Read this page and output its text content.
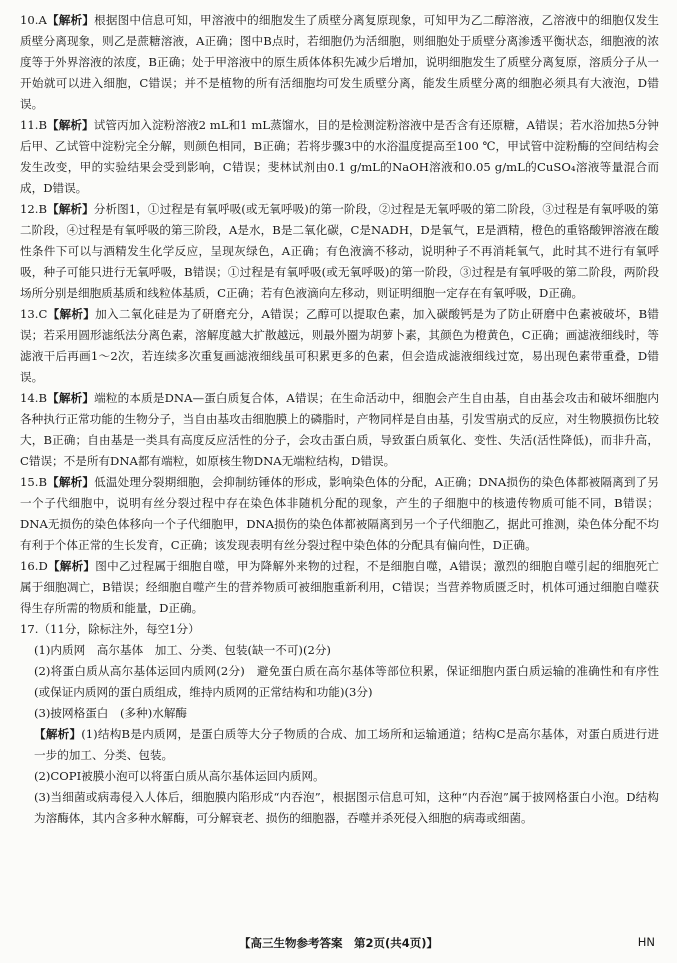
10.A【解析】根据图中信息可知，甲溶液中的细胞发生了质壁分离复原现象，可知甲为乙二醇溶液，乙溶液中的细胞仅发生质壁分离现象，则乙是蔗糖溶液，A正确；图中B点时，若细胞仍为活细胞，则细胞处于质壁分离渗透平衡状态，细胞液的浓度等于外界溶液的浓度，B正确；处于甲溶液中的原生质体体积先减少后增加，说明细胞发生了质壁分离复原，溶质分子从一开始就可以进入细胞，C错误；并不是植物的所有活细胞均可发生质壁分离，能发生质壁分离的细胞必须具有大液泡，D错误。
11.B【解析】试管丙加入淀粉溶液2 mL和1 mL蒸馏水，目的是检测淀粉溶液中是否含有还原糖，A错误；若水浴加热5分钟后甲、乙试管中淀粉完全分解，则颜色相同，B正确；若将步骤3中的水浴温度提高至100 ℃，甲试管中淀粉酶的空间结构会发生改变，甲的实验结果会受到影响，C错误；斐林试剂由0.1 g/mL的NaOH溶液和0.05 g/mL的CuSO₄溶液等量混合而成，D错误。
12.B【解析】分析图1，①过程是有氧呼吸(或无氧呼吸)的第一阶段，②过程是无氧呼吸的第二阶段，③过程是有氧呼吸的第二阶段，④过程是有氧呼吸的第三阶段，A是水，B是二氧化碳，C是NADH，D是氧气，E是酒精，橙色的重铬酸钾溶液在酸性条件下可以与酒精发生化学反应，呈现灰绿色，A正确；有色液滴不移动，说明种子不再消耗氧气，此时其不进行有氧呼吸，种子可能只进行无氧呼吸，B错误；①过程是有氧呼吸(或无氧呼吸)的第一阶段，③过程是有氧呼吸的第二阶段，两阶段场所分别是细胞质基质和线粒体基质，C正确；若有色液滴向左移动，则证明细胞一定存在有氧呼吸，D正确。
13.C【解析】加入二氧化硅是为了研磨充分，A错误；乙醇可以提取色素，加入碳酸钙是为了防止研磨中色素被破坏，B错误；若采用圆形滤纸法分离色素，溶解度越大扩散越远，则最外圈为胡萝卜素，其颜色为橙黄色，C正确；画滤液细线时，等滤液干后再画1～2次，若连续多次重复画滤液细线虽可积累更多的色素，但会造成滤液细线过宽，易出现色素带重叠，D错误。
14.B【解析】端粒的本质是DNA—蛋白质复合体，A错误；在生命活动中，细胞会产生自由基，自由基会攻击和破坏细胞内各种执行正常功能的生物分子，当自由基攻击细胞膜上的磷脂时，产物同样是自由基，引发雪崩式的反应，对生物膜损伤比较大，B正确；自由基是一类具有高度反应活性的分子，会攻击蛋白质，导致蛋白质氧化、变性、失活(活性降低)，而非升高，C错误；不是所有DNA都有端粒，如原核生物DNA无端粒结构，D错误。
15.B【解析】低温处理分裂期细胞，会抑制纺锤体的形成，影响染色体的分配，A正确；DNA损伤的染色体都被隔离到了另一个子代细胞中，说明有丝分裂过程中存在染色体非随机分配的现象，产生的子细胞中的核遗传物质可能不同，B错误；DNA无损伤的染色体移向一个子代细胞甲，DNA损伤的染色体都被隔离到另一个子代细胞乙，据此可推测，染色体分配不均有利于个体正常的生长发育，C正确；该发现表明有丝分裂过程中染色体的分配具有偏向性，D正确。
16.D【解析】图中乙过程属于细胞自噬，甲为降解外来物的过程，不是细胞自噬，A错误；激烈的细胞自噬引起的细胞死亡属于细胞凋亡，B错误；经细胞自噬产生的营养物质可被细胞重新利用，C错误；当营养物质匮乏时，机体可通过细胞自噬获得生存所需的物质和能量，D正确。

17.（11分，除标注外，每空1分）

(1)内质网　高尔基体　加工、分类、包装(缺一不可)(2分)

(2)将蛋白质从高尔基体运回内质网(2分)　避免蛋白质在高尔基体等部位积累，保证细胞内蛋白质运输的准确性和有序性(或保证内质网的蛋白质组成，维持内质网的正常结构和功能)(3分)

(3)披网格蛋白　(多种)水解酶

【解析】(1)结构B是内质网，是蛋白质等大分子物质的合成、加工场所和运输通道；结构C是高尔基体，对蛋白质进行进一步的加工、分类、包装。

(2)COPⅠ被膜小泡可以将蛋白质从高尔基体运回内质网。

(3)当细菌或病毒侵入人体后，细胞膜内陷形成“内吞泡”，根据图示信息可知，这种“内吞泡”属于披网格蛋白小泡。D结构为溶酶体，其内含多种水解酶，可分解衰老、损伤的细胞器，吞噬并杀死侵入细胞的病毒或细菌。

【高三生物参考答案　第2页(共4页)】	HN
